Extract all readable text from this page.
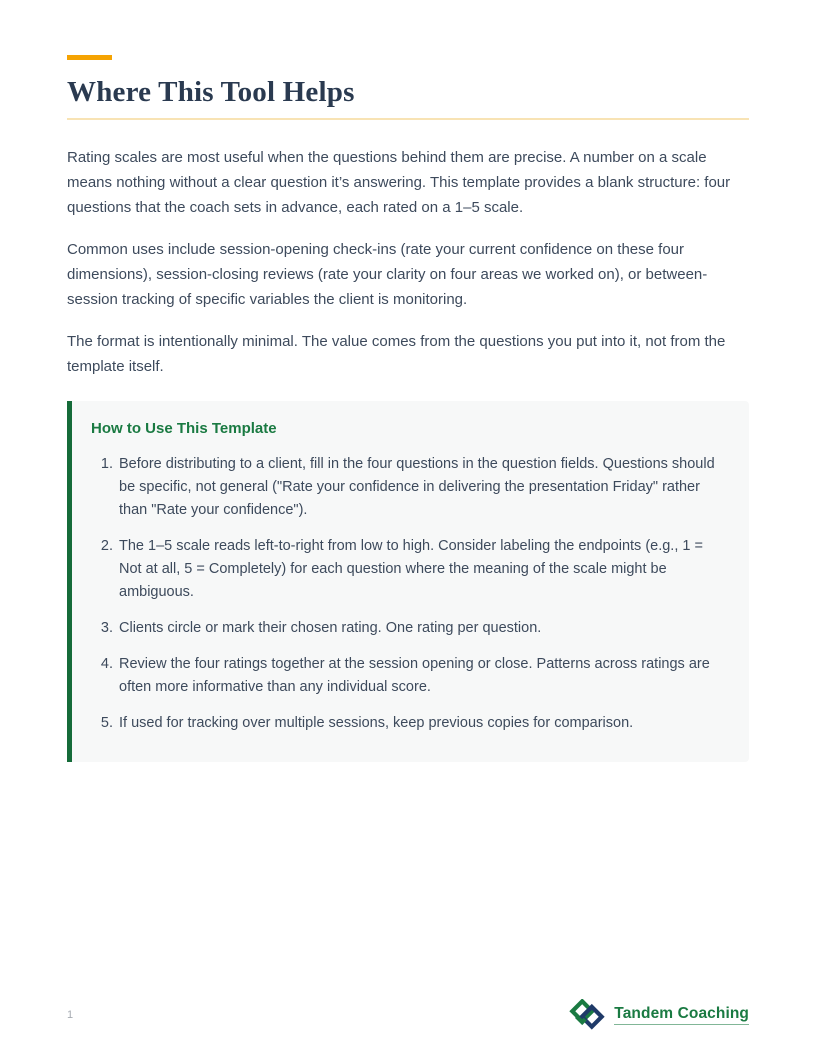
Where This Tool Helps

Rating scales are most useful when the questions behind them are precise. A number on a scale means nothing without a clear question it’s answering. This template provides a blank structure: four questions that the coach sets in advance, each rated on a 1–5 scale.

Common uses include session-opening check-ins (rate your current confidence on these four dimensions), session-closing reviews (rate your clarity on four areas we worked on), or between-session tracking of specific variables the client is monitoring.

The format is intentionally minimal. The value comes from the questions you put into it, not from the template itself.

How to Use This Template
1. Before distributing to a client, fill in the four questions in the question fields. Questions should be specific, not general ("Rate your confidence in delivering the presentation Friday" rather than "Rate your confidence").
2. The 1–5 scale reads left-to-right from low to high. Consider labeling the endpoints (e.g., 1 = Not at all, 5 = Completely) for each question where the meaning of the scale might be ambiguous.
3. Clients circle or mark their chosen rating. One rating per question.
4. Review the four ratings together at the session opening or close. Patterns across ratings are often more informative than any individual score.
5. If used for tracking over multiple sessions, keep previous copies for comparison.
1	Tandem Coaching
